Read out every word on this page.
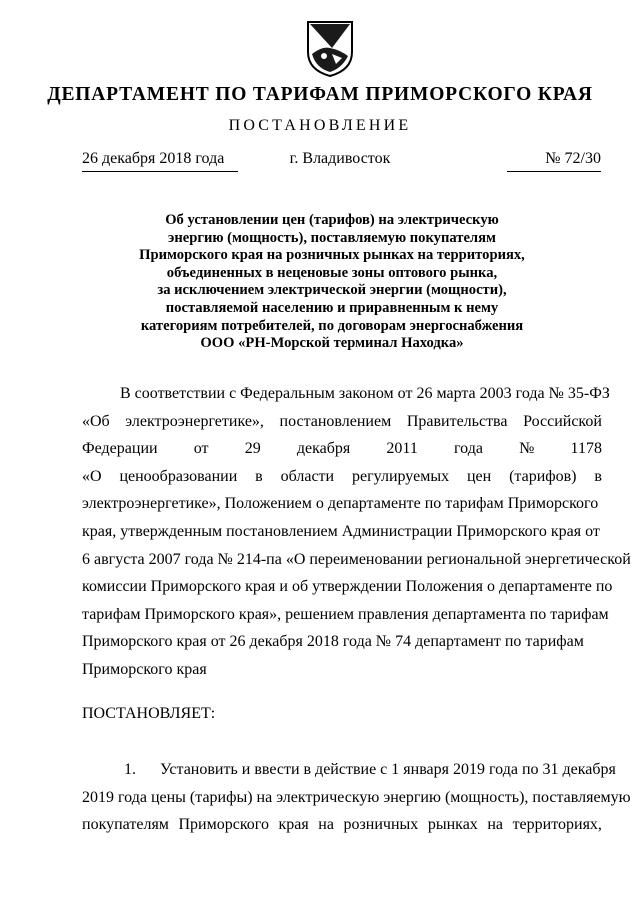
ДЕПАРТАМЕНТ ПО ТАРИФАМ ПРИМОРСКОГО КРАЯ
ПОСТАНОВЛЕНИЕ
26 декабря 2018 года	г. Владивосток	№ 72/30
Об установлении цен (тарифов) на электрическую
энергию (мощность), поставляемую покупателям
Приморского края на розничных рынках на территориях,
объединенных в неценовые зоны оптового рынка,
за исключением электрической энергии (мощности),
поставляемой населению и приравненным к нему
категориям потребителей, по договорам энергоснабжения
ООО «РН-Морской терминал Находка»
В соответствии с Федеральным законом от 26 марта 2003 года № 35-ФЗ
«Об электроэнергетике», постановлением Правительства Российской
Федерации от 29 декабря 2011 года № 1178
«О ценообразовании в области регулируемых цен (тарифов) в
электроэнергетике», Положением о департаменте по тарифам Приморского
края, утвержденным постановлением Администрации Приморского края от
6 августа 2007 года № 214-па «О переименовании региональной энергетической
комиссии Приморского края и об утверждении Положения о департаменте по
тарифам Приморского края», решением правления департамента по тарифам
Приморского края от 26 декабря 2018 года № 74 департамент по тарифам
Приморского края
ПОСТАНОВЛЯЕТ:
1. Установить и ввести в действие с 1 января 2019 года по 31 декабря
2019 года цены (тарифы) на электрическую энергию (мощность), поставляемую
покупателям Приморского края на розничных рынках на территориях,
